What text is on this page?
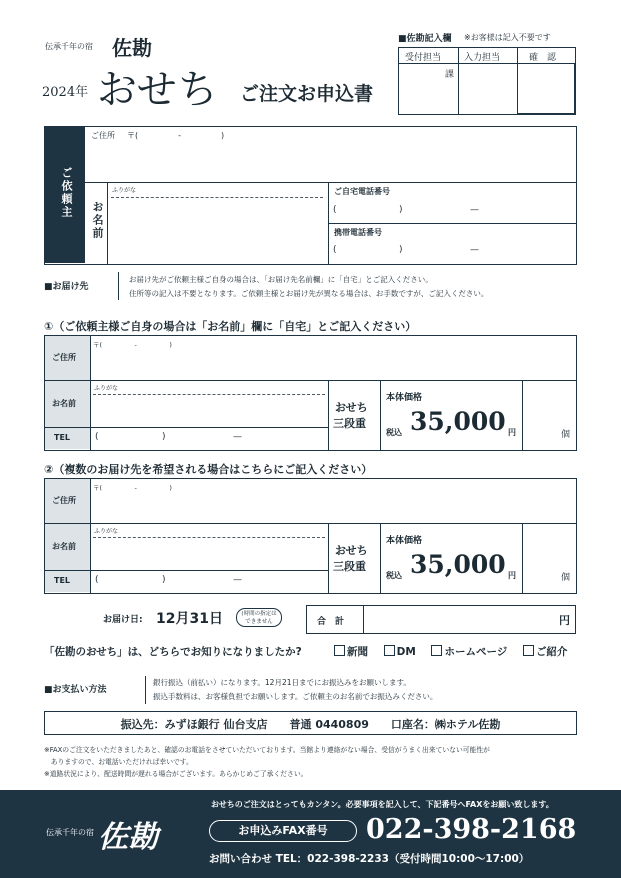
伝承千年の宿 佐勘
2024年 おせち ご注文お申込書
■佐勘記入欄 ※お客様は記入不要です
受付担当	入力担当	確　認
課
ご依頼主
ご住所 〒(　　　　　-　　　　　)
お名前
ふりがな	ご自宅電話番号
(	)	—
携帯電話番号
(	)	—
■お届け先
お届け先がご依頼主様ご自身の場合は、「お届け先名前欄」に「自宅」とご記入ください。
住所等の記入は不要となります。ご依頼主様とお届け先が異なる場合は、お手数ですが、ご記入ください。
①（ご依頼主様ご自身の場合は「お名前」欄に「自宅」とご記入ください）
ご住所
〒(　　　　　-　　　　　)
お名前
ふりがな
TEL	(	)	—
おせち
三段重
本体価格
税込 35,000 円	個
②（複数のお届け先を希望される場合はこちらにご記入ください）
ご住所
〒(　　　　　-　　　　　)
お名前
ふりがな
TEL	(	)	—
おせち
三段重
本体価格
税込 35,000 円	個
お届け日: 12月31日	(時間の指定は
できません	合　計	円
「佐勘のおせち」は、どちらでお知りになりましたか?	新聞	DM	ホームページ	ご紹介
■お支払い方法
銀行振込（前払い）になります。12月21日までにお振込みをお願いします。
振込手数料は、お客様負担でお願いします。ご依頼主のお名前でお振込みください。
振込先：みずほ銀行 仙台支店　　普通 0440809　　口座名：㈱ホテル佐勘
※FAXのご注文をいただきましたあと、確認のお電話をさせていただいております。当館より連絡がない場合、受信がうまく出来ていない可能性が
　ありますので、お電話いただければ幸いです。
※道路状況により、配送時間が遅れる場合がございます。あらかじめご了承ください。
伝承千年の宿 佐勘
おせちのご注文はとってもカンタン。必要事項を記入して、下記番号へFAXをお願い致します。
お申込みFAX番号	022-398-2168
お問い合わせ TEL：022-398-2233（受付時間10:00～17:00）
